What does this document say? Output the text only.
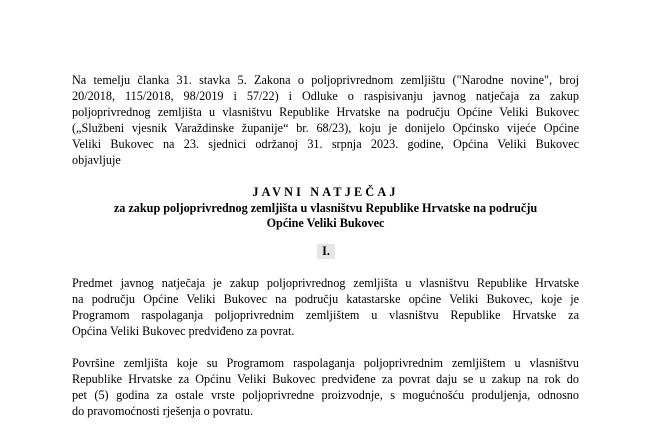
Na temelju članka 31. stavka 5. Zakona o poljoprivrednom zemljištu ("Narodne novine", broj
20/2018, 115/2018, 98/2019 i 57/22) i Odluke o raspisivanju javnog natječaja za zakup
poljoprivrednog zemljišta u vlasništvu Republike Hrvatske na području Općine Veliki Bukovec
(„Službeni vjesnik Varaždinske županije“ br. 68/23), koju je donijelo Općinsko vijeće Općine
Veliki Bukovec na 23. sjednici održanoj 31. srpnja 2023. godine, Općina Veliki Bukovec
objavljuje
JAVNI NATJEČAJ
za zakup poljoprivrednog zemljišta u vlasništvu Republike Hrvatske na području
Općine Veliki Bukovec
I.
Predmet javnog natječaja je zakup poljoprivrednog zemljišta u vlasništvu Republike Hrvatske
na području Općine Veliki Bukovec na području katastarske općine Veliki Bukovec, koje je
Programom raspolaganja poljoprivrednim zemljištem u vlasništvu Republike Hrvatske za
Općina Veliki Bukovec predviđeno za povrat.
Površine zemljišta koje su Programom raspolaganja poljoprivrednim zemljištem u vlasništvu
Republike Hrvatske za Općinu Veliki Bukovec predviđene za povrat daju se u zakup na rok do
pet (5) godina za ostale vrste poljoprivredne proizvodnje, s mogućnošću produljenja, odnosno
do pravomoćnosti rješenja o povratu.
